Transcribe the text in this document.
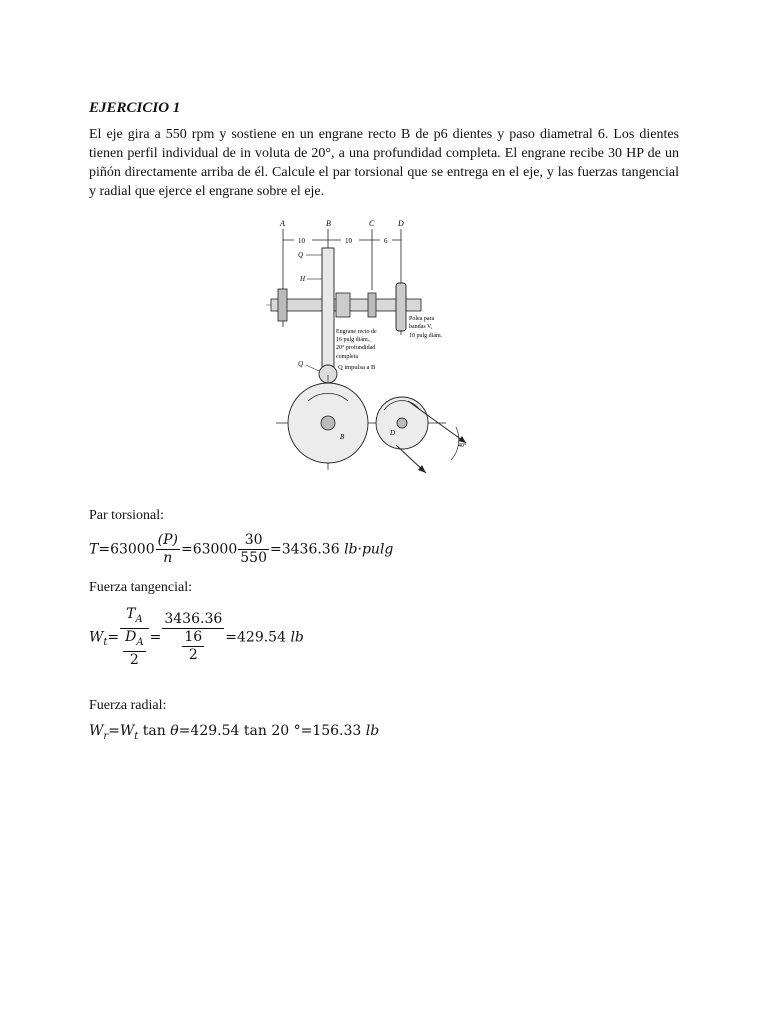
EJERCICIO 1
El eje gira a 550 rpm y sostiene en un engrane recto B de p6 dientes y paso diametral 6. Los dientes tienen perfil individual de in voluta de 20°, a una profundidad completa. El engrane recibe 30 HP de un piñón directamente arriba de él. Calcule el par torsional que se entrega en el eje, y las fuerzas tangencial y radial que ejerce el engrane sobre el eje.
A	B	C	D
10	10	6
Q
H
Polea para
bandas V,
10 pulg diám.
Engrane recto de
16 pulg diám.,
20° profundidad
completa
Q	Q impulsa a B
B	D
40°
Par torsional:
$T=63000 \frac{(P)}{n} =63000 \frac{30}{550} =3436.36$ lb·pulg
Fuerza tangencial:
$W_t= \frac{T_A}{\frac{D_A}{2}} = \frac{3436.36}{\frac{16}{2}} =429.54$ lb
Fuerza radial:
$W_r=W_t$ tan θ=429.54 tan 20 °=156.33 lb
